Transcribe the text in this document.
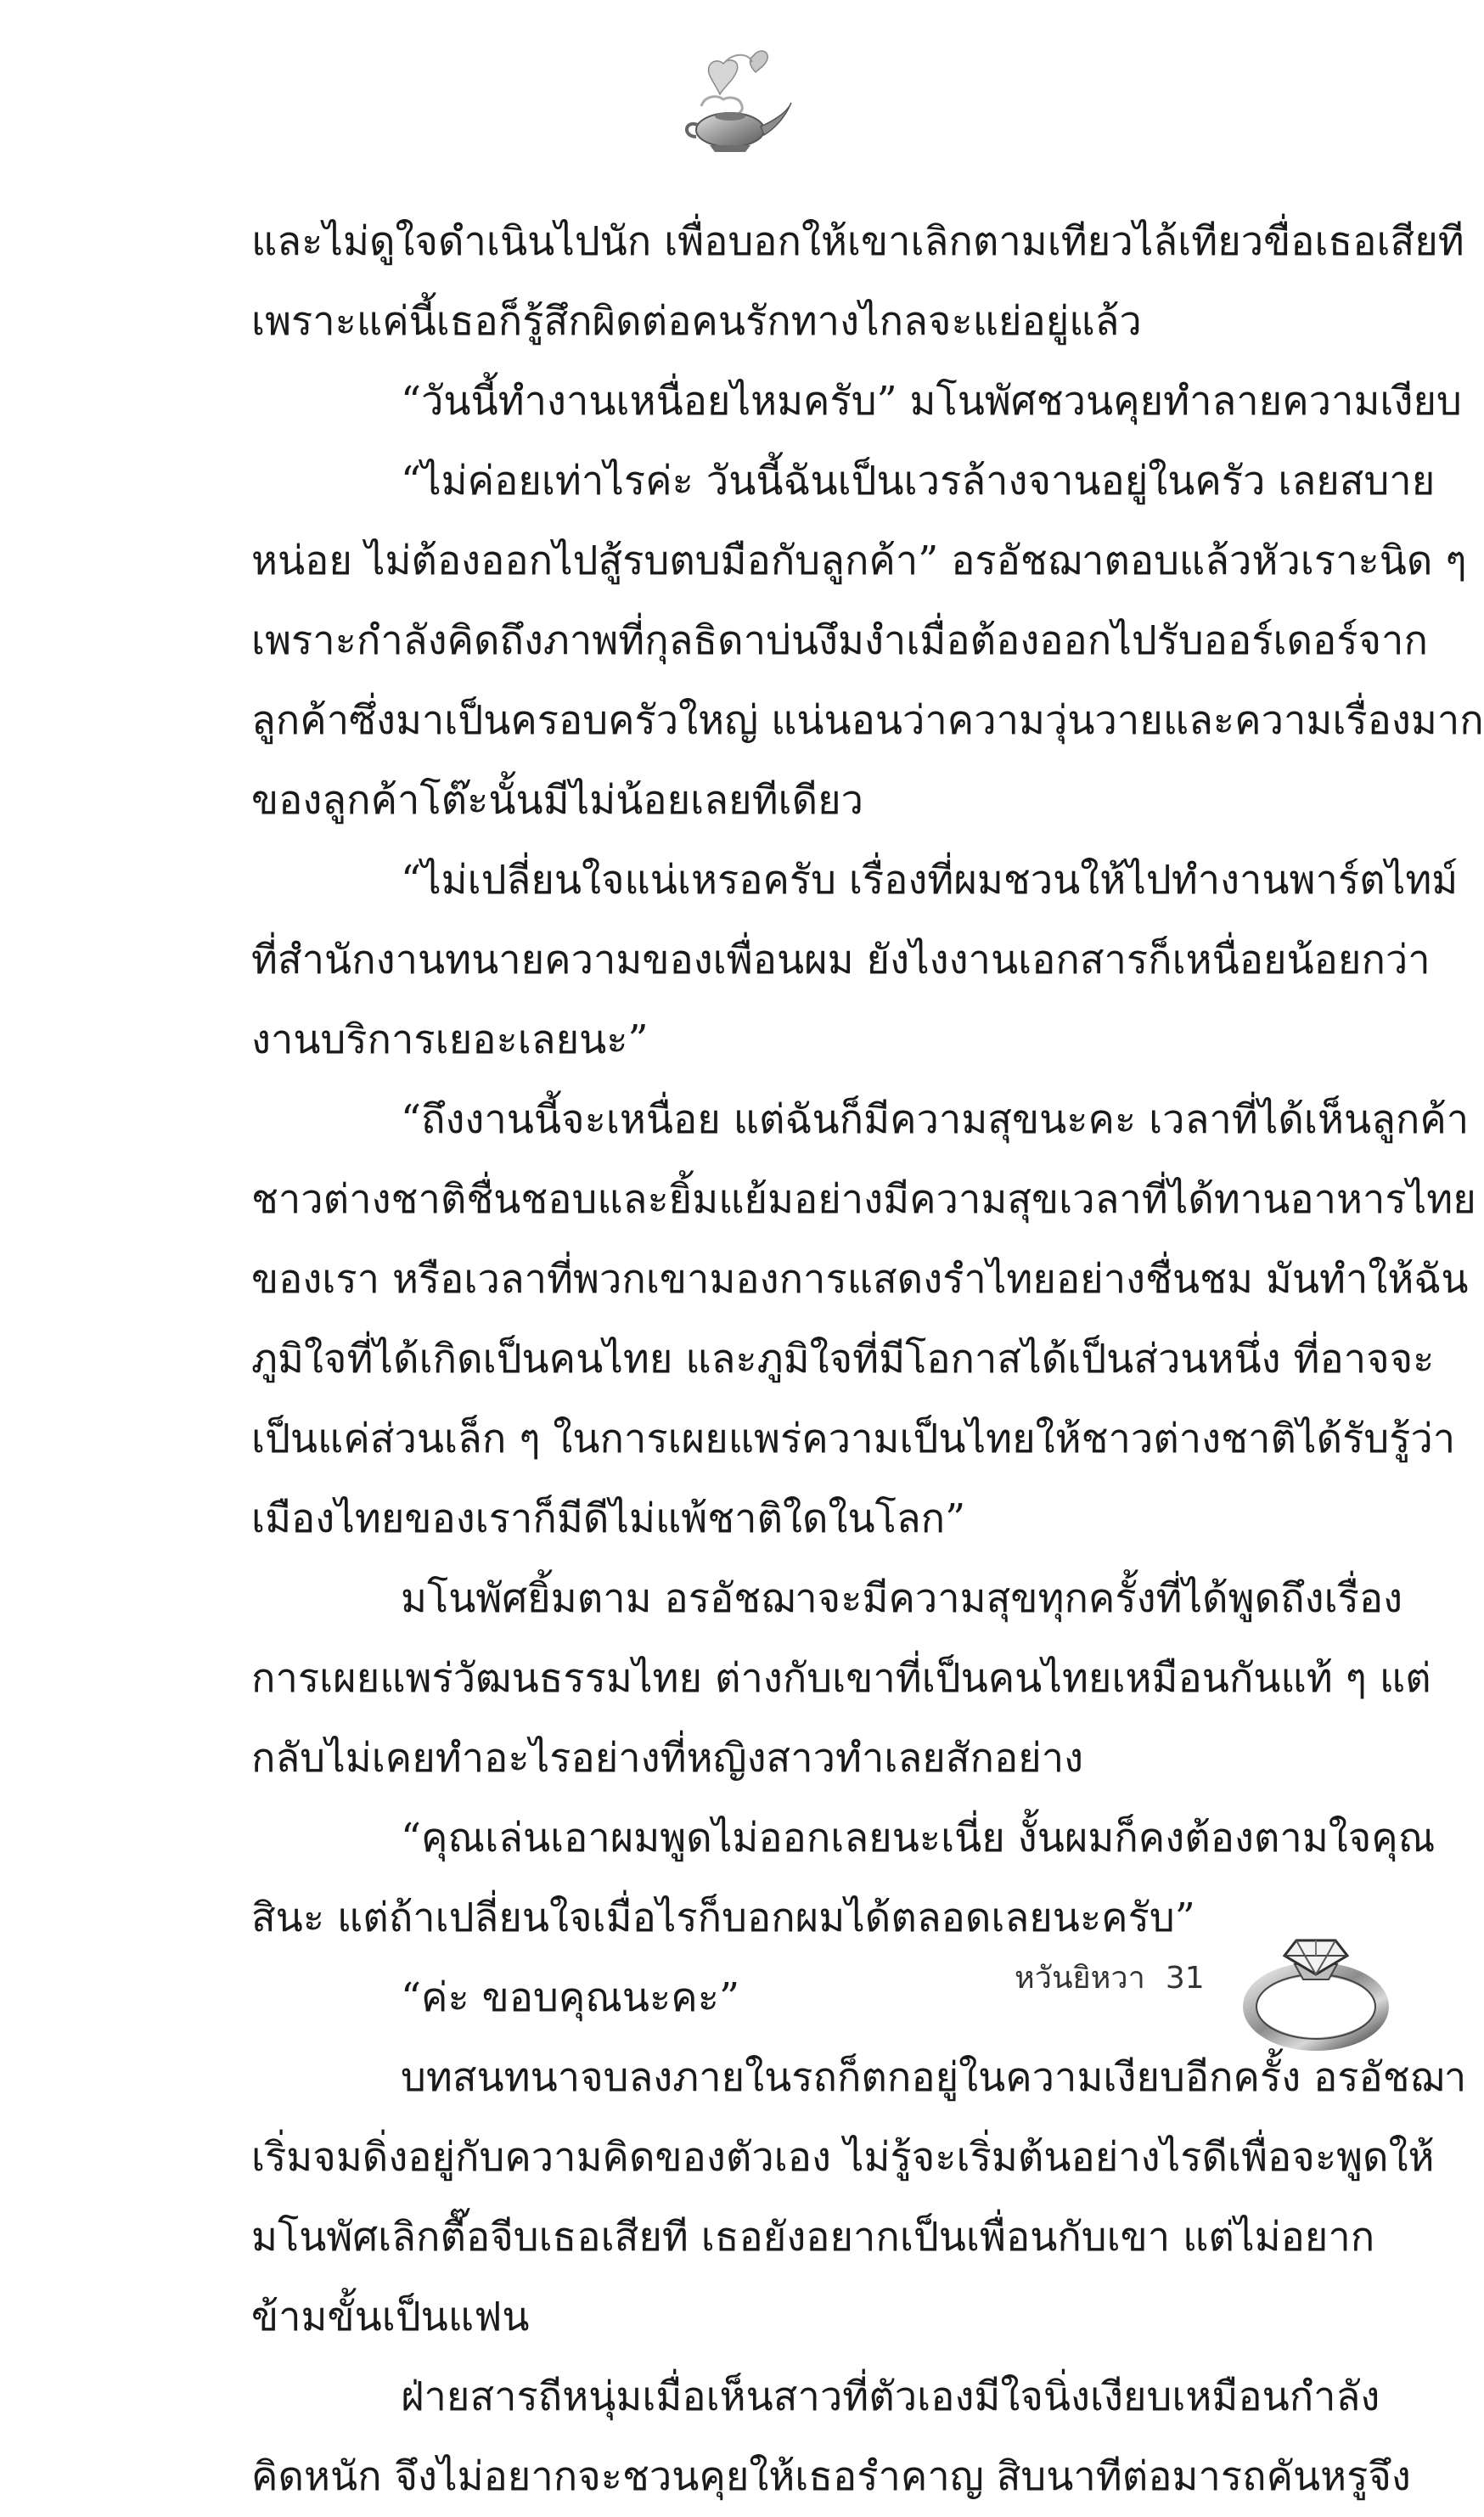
และไม่ดูใจดำเนินไปนัก เพื่อบอกให้เขาเลิกตามเทียวไล้เทียวขื่อเธอเสียที
เพราะแค่นี้เธอก็รู้สึกผิดต่อคนรักทางไกลจะแย่อยู่แล้ว
“วันนี้ทำงานเหนื่อยไหมครับ” มโนพัศชวนคุยทำลายความเงียบ
“ไม่ค่อยเท่าไรค่ะ วันนี้ฉันเป็นเวรล้างจานอยู่ในครัว เลยสบาย
หน่อย ไม่ต้องออกไปสู้รบตบมือกับลูกค้า” อรอัชฌาตอบแล้วหัวเราะนิด ๆ
เพราะกำลังคิดถึงภาพที่กุลธิดาบ่นงึมงำเมื่อต้องออกไปรับออร์เดอร์จาก
ลูกค้าซึ่งมาเป็นครอบครัวใหญ่ แน่นอนว่าความวุ่นวายและความเรื่องมาก
ของลูกค้าโต๊ะนั้นมีไม่น้อยเลยทีเดียว
“ไม่เปลี่ยนใจแน่เหรอครับ เรื่องที่ผมชวนให้ไปทำงานพาร์ตไทม์
ที่สำนักงานทนายความของเพื่อนผม ยังไงงานเอกสารก็เหนื่อยน้อยกว่า
งานบริการเยอะเลยนะ”
“ถึงงานนี้จะเหนื่อย แต่ฉันก็มีความสุขนะคะ เวลาที่ได้เห็นลูกค้า
ชาวต่างชาติชื่นชอบและยิ้มแย้มอย่างมีความสุขเวลาที่ได้ทานอาหารไทย
ของเรา หรือเวลาที่พวกเขามองการแสดงรำไทยอย่างชื่นชม มันทำให้ฉัน
ภูมิใจที่ได้เกิดเป็นคนไทย และภูมิใจที่มีโอกาสได้เป็นส่วนหนึ่ง ที่อาจจะ
เป็นแค่ส่วนเล็ก ๆ ในการเผยแพร่ความเป็นไทยให้ชาวต่างชาติได้รับรู้ว่า
เมืองไทยของเราก็มีดีไม่แพ้ชาติใดในโลก”
มโนพัศยิ้มตาม อรอัชฌาจะมีความสุขทุกครั้งที่ได้พูดถึงเรื่อง
การเผยแพร่วัฒนธรรมไทย ต่างกับเขาที่เป็นคนไทยเหมือนกันแท้ ๆ แต่
กลับไม่เคยทำอะไรอย่างที่หญิงสาวทำเลยสักอย่าง
“คุณเล่นเอาผมพูดไม่ออกเลยนะเนี่ย งั้นผมก็คงต้องตามใจคุณ
สินะ แต่ถ้าเปลี่ยนใจเมื่อไรก็บอกผมได้ตลอดเลยนะครับ”
“ค่ะ ขอบคุณนะคะ”
บทสนทนาจบลงภายในรถก็ตกอยู่ในความเงียบอีกครั้ง อรอัชฌา
เริ่มจมดิ่งอยู่กับความคิดของตัวเอง ไม่รู้จะเริ่มต้นอย่างไรดีเพื่อจะพูดให้
มโนพัศเลิกตื๊อจีบเธอเสียที เธอยังอยากเป็นเพื่อนกับเขา แต่ไม่อยาก
ข้ามขั้นเป็นแฟน
ฝ่ายสารถีหนุ่มเมื่อเห็นสาวที่ตัวเองมีใจนิ่งเงียบเหมือนกำลัง
คิดหนัก จึงไม่อยากจะชวนคุยให้เธอรำคาญ สิบนาทีต่อมารถคันหรูจึง
หวันยิหวา 31
